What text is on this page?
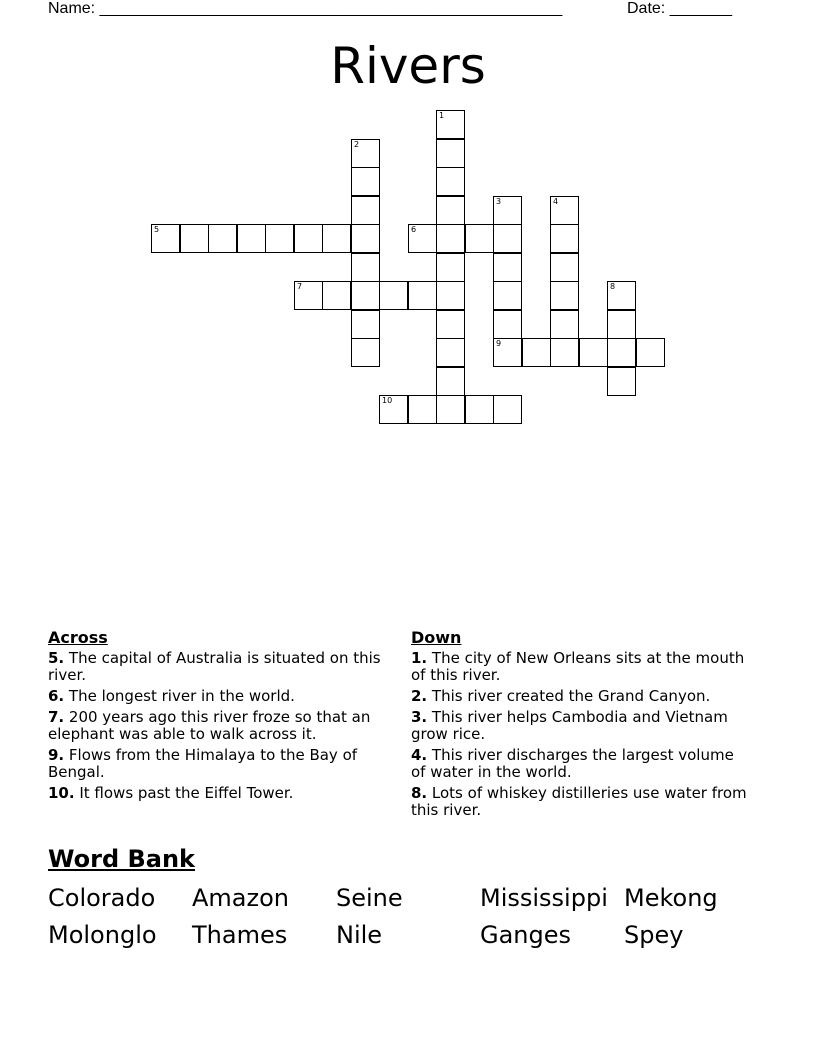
Name: ____________________________________________________	Date: _______
Rivers
1
2
3
9
4
5	6
7	8
10
Across
5. The capital of Australia is situated on this river.
6. The longest river in the world.
7. 200 years ago this river froze so that an elephant was able to walk across it.
9. Flows from the Himalaya to the Bay of Bengal.
10. It flows past the Eiffel Tower.
Down
1. The city of New Orleans sits at the mouth of this river.
2. This river created the Grand Canyon.
3. This river helps Cambodia and Vietnam grow rice.
4. This river discharges the largest volume of water in the world.
8. Lots of whiskey distilleries use water from this river.
Word Bank
Colorado Amazon Seine	Mississippi Mekong
Molonglo Thames Nile	Ganges Spey
